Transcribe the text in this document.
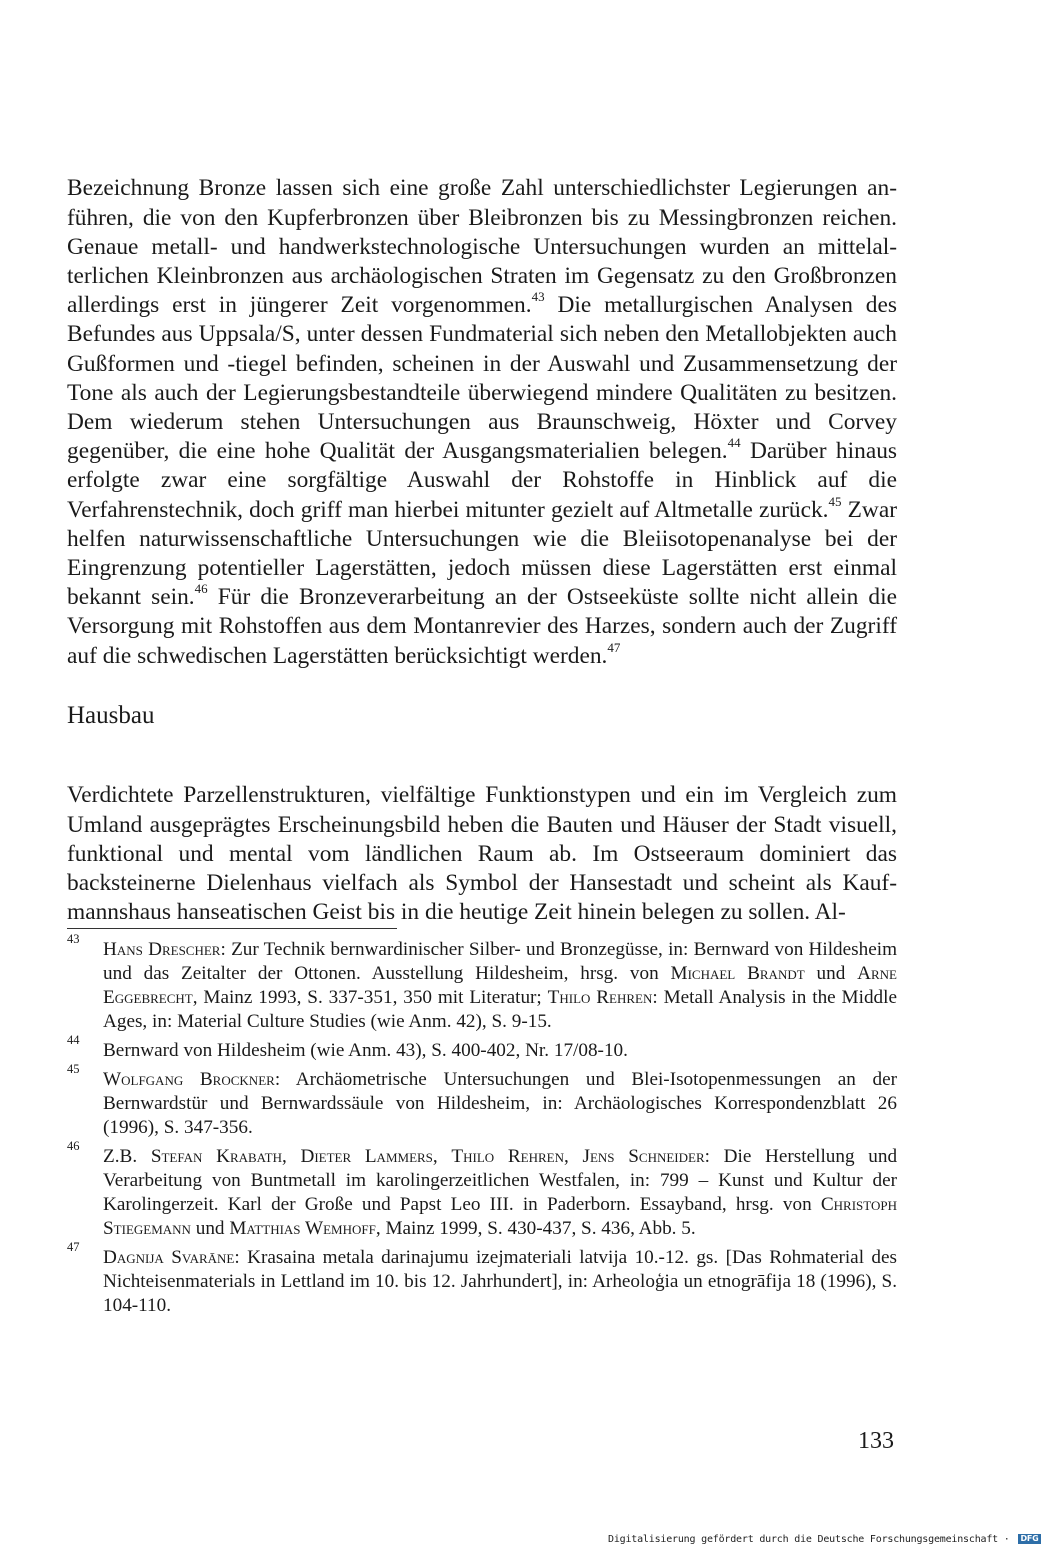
Bezeichnung Bronze lassen sich eine große Zahl unterschiedlichster Legierungen anführen, die von den Kupferbronzen über Bleibronzen bis zu Messingbronzen reichen. Genaue metall- und handwerkstechnologische Untersuchungen wurden an mittelalterlichen Kleinbronzen aus archäologischen Straten im Gegensatz zu den Großbronzen allerdings erst in jüngerer Zeit vorgenommen.$^{43}$ Die metallurgischen Analysen des Befundes aus Uppsala/S, unter dessen Fundmaterial sich neben den Metallobjekten auch Gußformen und -tiegel befinden, scheinen in der Auswahl und Zusammensetzung der Tone als auch der Legierungsbestandteile überwiegend mindere Qualitäten zu besitzen. Dem wiederum stehen Untersuchungen aus Braunschweig, Höxter und Corvey gegenüber, die eine hohe Qualität der Ausgangsmaterialien belegen.$^{44}$ Darüber hinaus erfolgte zwar eine sorgfältige Auswahl der Rohstoffe in Hinblick auf die Verfahrenstechnik, doch griff man hierbei mitunter gezielt auf Altmetalle zurück.$^{45}$ Zwar helfen naturwissenschaftliche Untersuchungen wie die Bleiisotopenanalyse bei der Eingrenzung potentieller Lagerstätten, jedoch müssen diese Lagerstätten erst einmal bekannt sein.$^{46}$ Für die Bronzeverarbeitung an der Ostseeküste sollte nicht allein die Versorgung mit Rohstoffen aus dem Montanrevier des Harzes, sondern auch der Zugriff auf die schwedischen Lagerstätten berücksichtigt werden.$^{47}$

Hausbau

Verdichtete Parzellenstrukturen, vielfältige Funktionstypen und ein im Vergleich zum Umland ausgeprägtes Erscheinungsbild heben die Bauten und Häuser der Stadt visuell, funktional und mental vom ländlichen Raum ab. Im Ostseeraum dominiert das backsteinerne Dielenhaus vielfach als Symbol der Hansestadt und scheint als Kaufmannshaus hanseatischen Geist bis in die heutige Zeit hinein belegen zu sollen. Al-

43 Hans Drescher: Zur Technik bernwardinischer Silber- und Bronzegüsse, in: Bernward von Hildesheim und das Zeitalter der Ottonen. Ausstellung Hildesheim, hrsg. von Michael Brandt und Arne Eggebrecht, Mainz 1993, S. 337-351, 350 mit Literatur; Thilo Rehren: Metall Analysis in the Middle Ages, in: Material Culture Studies (wie Anm. 42), S. 9-15.
44 Bernward von Hildesheim (wie Anm. 43), S. 400-402, Nr. 17/08-10.
45 Wolfgang Brockner: Archäometrische Untersuchungen und Blei-Isotopenmessungen an der Bernwardstür und Bernwardssäule von Hildesheim, in: Archäologisches Korrespondenzblatt 26 (1996), S. 347-356.
46 Z.B. Stefan Krabath, Dieter Lammers, Thilo Rehren, Jens Schneider: Die Herstellung und Verarbeitung von Buntmetall im karolingerzeitlichen Westfalen, in: 799 – Kunst und Kultur der Karolingerzeit. Karl der Große und Papst Leo III. in Paderborn. Essayband, hrsg. von Christoph Stiegemann und Matthias Wemhoff, Mainz 1999, S. 430-437, S. 436, Abb. 5.
47 Dagnija Svarāne: Krasaina metala darinajumu izejmateriali latvija 10.-12. gs. [Das Rohmaterial des Nichteisenmaterials in Lettland im 10. bis 12. Jahrhundert], in: Arheoloģia un etnogrāfija 18 (1996), S. 104-110.
133
Digitalisierung gefördert durch die Deutsche Forschungsgemeinschaft · DFG
